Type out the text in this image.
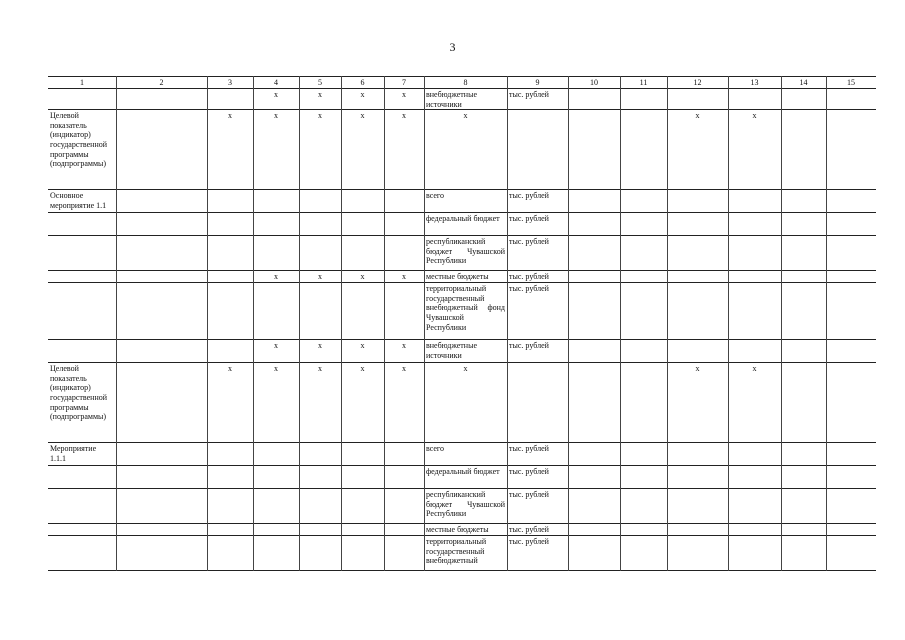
3
1	2	3	4	5	6	7	8	9	10	11	12	13	14	15
			х	х	х	х	внебюджетные источники	тыс. рублей						
Целевой показатель (индикатор) государственной программы (подпрограммы)		х	х	х	х	х	х				х	х		
Основное мероприятие 1.1							всего	тыс. рублей						
							федеральный бюджет	тыс. рублей						
							республиканский бюджет Чувашской Республики	тыс. рублей						
			х	х	х	х	местные бюджеты	тыс. рублей						
							территориальный государственный внебюджетный фонд Чувашской Республики	тыс. рублей						
			х	х	х	х	внебюджетные источники	тыс. рублей						
Целевой показатель (индикатор) государственной программы (подпрограммы)		х	х	х	х	х	х				х	х		
Мероприятие 1.1.1							всего	тыс. рублей						
							федеральный бюджет	тыс. рублей						
							республиканский бюджет Чувашской Республики	тыс. рублей						
							местные бюджеты	тыс. рублей						
							территориальный государственный внебюджетный	тыс. рублей						
